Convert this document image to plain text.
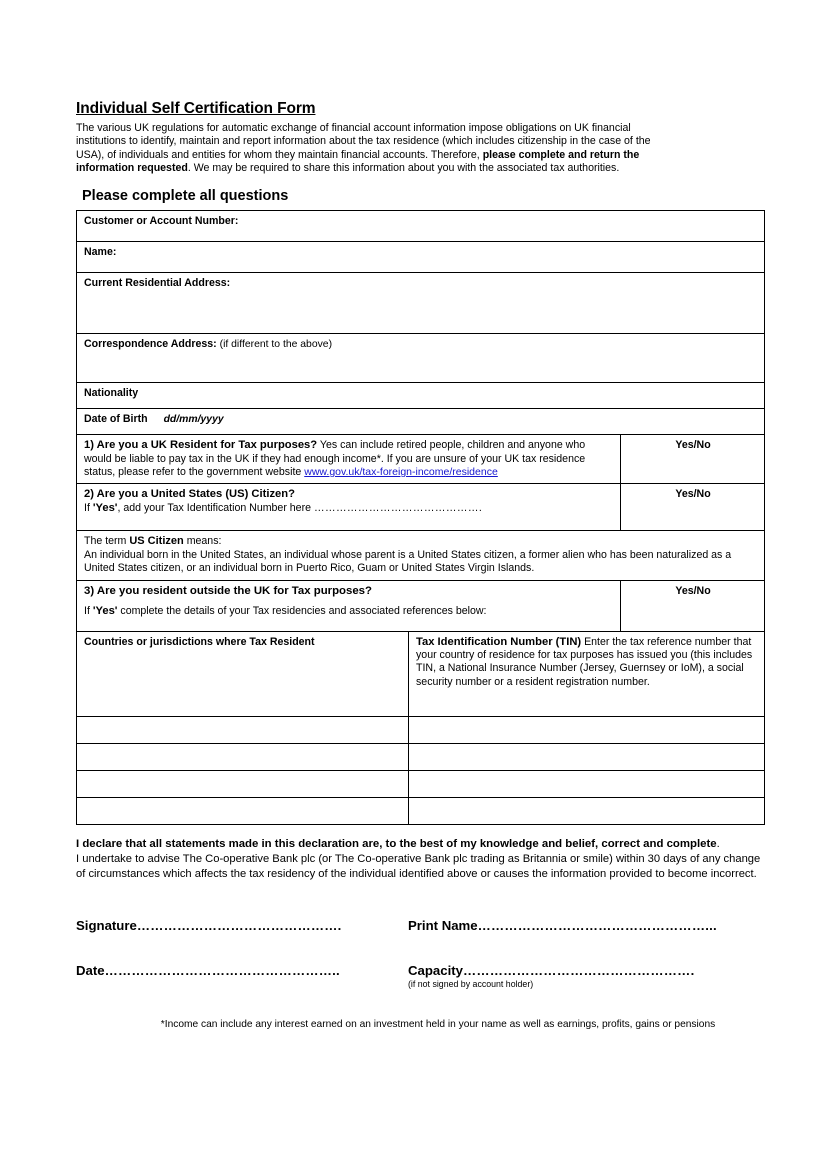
Individual Self Certification Form

The various UK regulations for automatic exchange of financial account information impose obligations on UK financial institutions to identify, maintain and report information about the tax residence (which includes citizenship in the case of the USA), of individuals and entities for whom they maintain financial accounts. Therefore, please complete and return the information requested. We may be required to share this information about you with the associated tax authorities.

Please complete all questions
Customer or Account Number:		
Name:		
Current Residential Address:		
Correspondence Address: (if different to the above)		
Nationality		
Date of Birth dd/mm/yyyy		
1) Are you a UK Resident for Tax purposes? Yes can include retired people, children and anyone who would be liable to pay tax in the UK if they had enough income*. If you are unsure of your UK tax residence status, please refer to the government website www.gov.uk/tax-foreign-income/residence		Yes/No
2) Are you a United States (US) Citizen?
If 'Yes', add your Tax Identification Number here ……………………………………….		Yes/No
The term US Citizen means:
An individual born in the United States, an individual whose parent is a United States citizen, a former alien who has been naturalized as a United States citizen, or an individual born in Puerto Rico, Guam or United States Virgin Islands.		

3) Are you resident outside the UK for Tax purposes?
If 'Yes' complete the details of your Tax residencies and associated references below:		Yes/No
Countries or jurisdictions where Tax Resident	Tax Identification Number (TIN) Enter the tax reference number that your country of residence for tax purposes has issued you (this includes TIN, a National Insurance Number (Jersey, Guernsey or IoM), a social security number or a resident registration number.	

I declare that all statements made in this declaration are, to the best of my knowledge and belief, correct and complete.

I undertake to advise The Co-operative Bank plc (or The Co-operative Bank plc trading as Britannia or smile) within 30 days of any change of circumstances which affects the tax residency of the individual identified above or causes the information provided to become incorrect.

Signature……………………………………….	Print Name……………………………………………...
Date……………………………………………..	Capacity…………………………………………….
(if not signed by account holder)
*Income can include any interest earned on an investment held in your name as well as earnings, profits, gains or pensions
